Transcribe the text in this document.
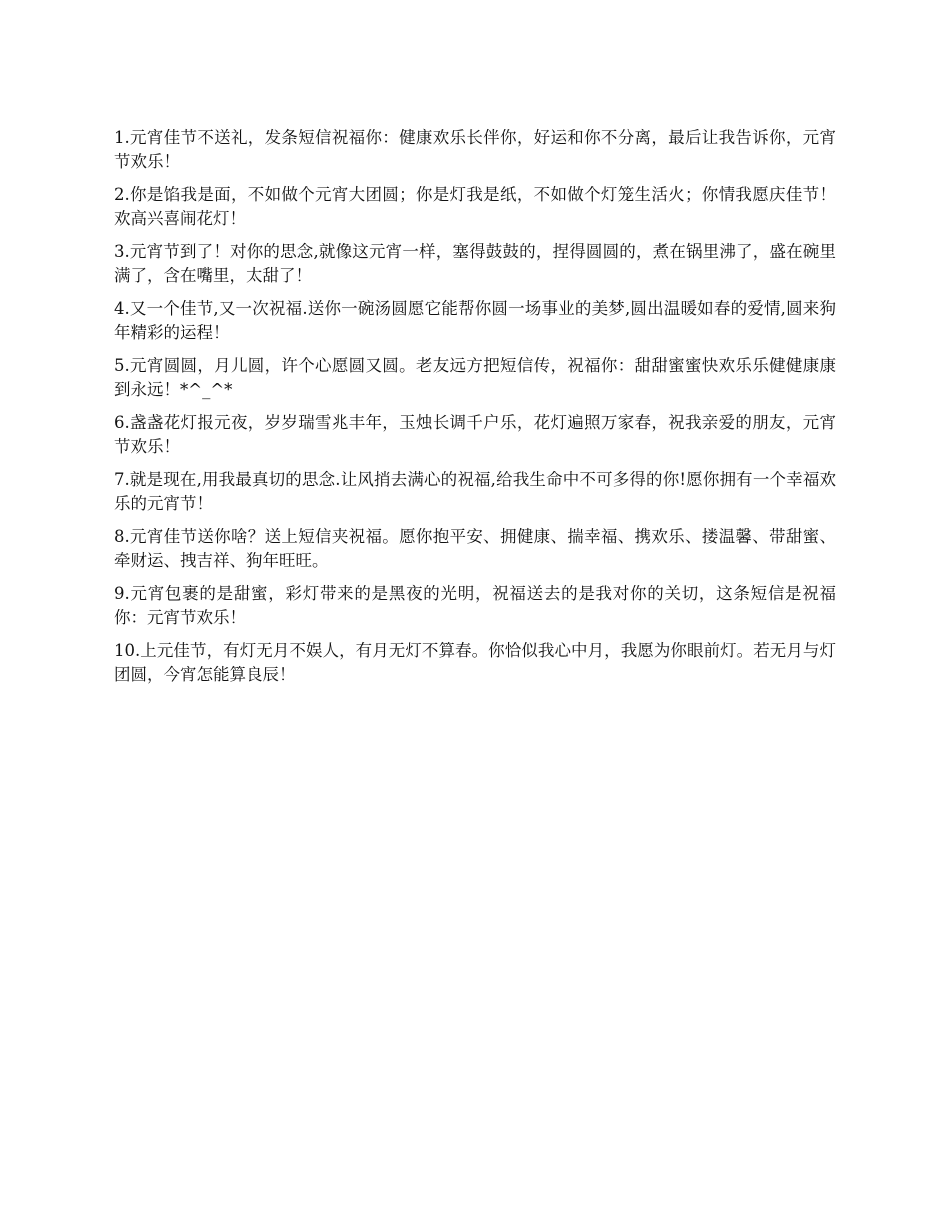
1.元宵佳节不送礼，发条短信祝福你：健康欢乐长伴你，好运和你不分离，最后让我告诉你，元宵节欢乐！

2.你是馅我是面，不如做个元宵大团圆；你是灯我是纸，不如做个灯笼生活火；你情我愿庆佳节！欢高兴喜闹花灯！

3.元宵节到了！对你的思念,就像这元宵一样，塞得鼓鼓的，捏得圆圆的，煮在锅里沸了，盛在碗里满了，含在嘴里，太甜了！

4.又一个佳节,又一次祝福.送你一碗汤圆愿它能帮你圆一场事业的美梦,圆出温暖如春的爱情,圆来狗年精彩的运程！

5.元宵圆圆，月儿圆，许个心愿圆又圆。老友远方把短信传，祝福你：甜甜蜜蜜快欢乐乐健健康康到永远！*^_^*

6.盏盏花灯报元夜，岁岁瑞雪兆丰年，玉烛长调千户乐，花灯遍照万家春，祝我亲爱的朋友，元宵节欢乐！

7.就是现在,用我最真切的思念.让风捎去满心的祝福,给我生命中不可多得的你!愿你拥有一个幸福欢乐的元宵节！

8.元宵佳节送你啥？送上短信夹祝福。愿你抱平安、拥健康、揣幸福、携欢乐、搂温馨、带甜蜜、牵财运、拽吉祥、狗年旺旺。

9.元宵包裹的是甜蜜，彩灯带来的是黑夜的光明，祝福送去的是我对你的关切，这条短信是祝福你：元宵节欢乐！

10.上元佳节，有灯无月不娱人，有月无灯不算春。你恰似我心中月，我愿为你眼前灯。若无月与灯团圆，今宵怎能算良辰！
